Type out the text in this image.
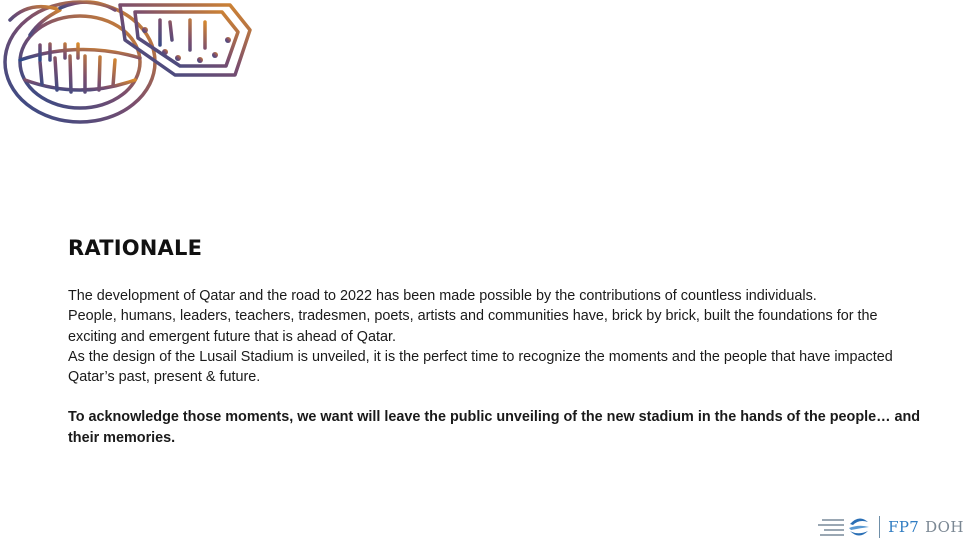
RATIONALE

The development of Qatar and the road to 2022 has been made possible by the contributions of countless individuals.

People, humans, leaders, teachers, tradesmen, poets, artists and communities have, brick by brick, built the foundations for the exciting and emergent future that is ahead of Qatar.

As the design of the Lusail Stadium is unveiled, it is the perfect time to recognize the moments and the people that have impacted Qatar’s past, present & future.

To acknowledge those moments, we want will leave the public unveiling of the new stadium in the hands of the people… and their memories.

FP7 DOH
